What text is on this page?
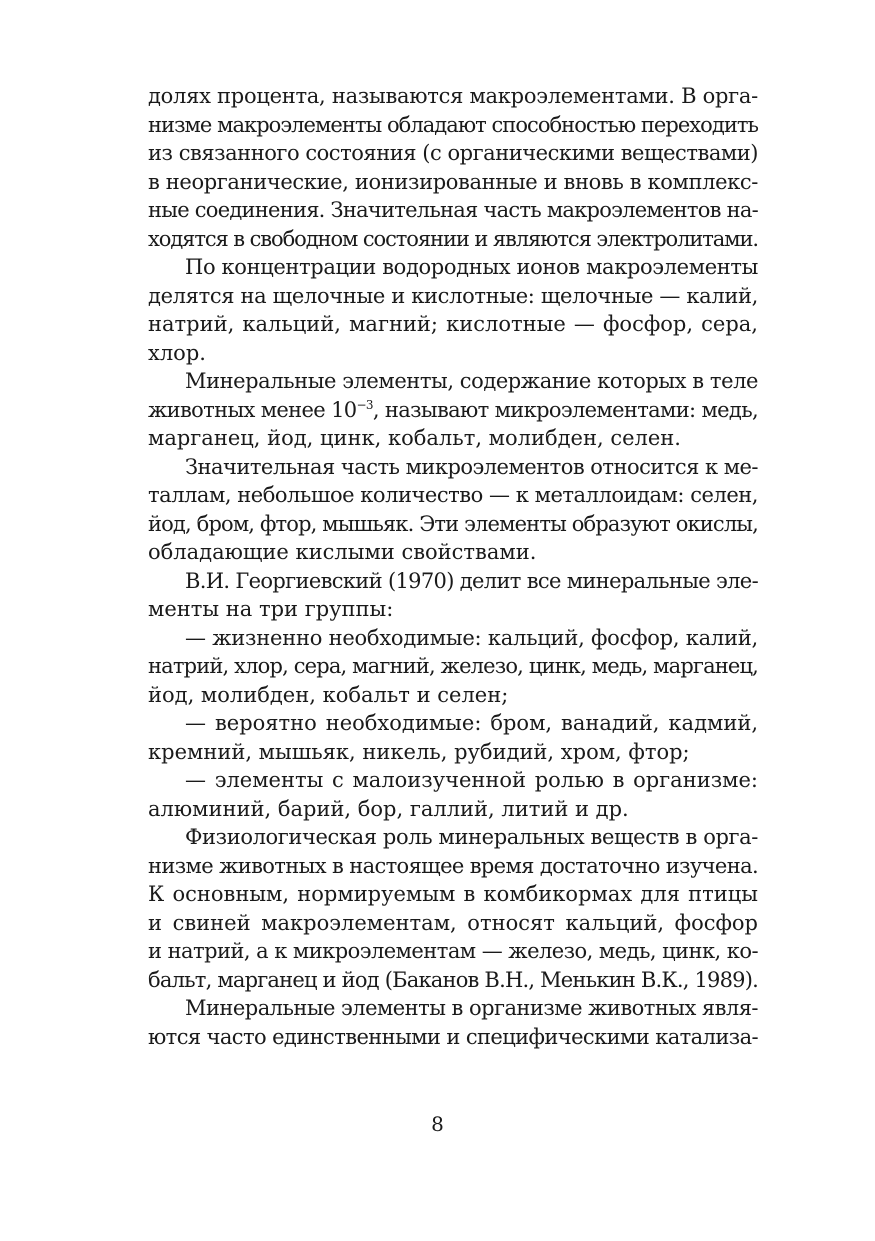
долях процента, называются макроэлементами. В орга-
низме макроэлементы обладают способностью переходить
из связанного состояния (с органическими веществами)
в неорганические, ионизированные и вновь в комплекс-
ные соединения. Значительная часть макроэлементов на-
ходятся в свободном состоянии и являются электролитами.
По концентрации водородных ионов макроэлементы
делятся на щелочные и кислотные: щелочные — калий,
натрий, кальций, магний; кислотные — фосфор, сера,
хлор.
Минеральные элементы, содержание которых в теле
животных менее $10^{-3}$, называют микроэлементами: медь,
марганец, йод, цинк, кобальт, молибден, селен.
Значительная часть микроэлементов относится к ме-
таллам, небольшое количество — к металлоидам: селен,
йод, бром, фтор, мышьяк. Эти элементы образуют окислы,
обладающие кислыми свойствами.
В.И. Георгиевский (1970) делит все минеральные эле-
менты на три группы:
— жизненно необходимые: кальций, фосфор, калий,
натрий, хлор, сера, магний, железо, цинк, медь, марганец,
йод, молибден, кобальт и селен;
— вероятно необходимые: бром, ванадий, кадмий,
кремний, мышьяк, никель, рубидий, хром, фтор;
— элементы с малоизученной ролью в организме:
алюминий, барий, бор, галлий, литий и др.
Физиологическая роль минеральных веществ в орга-
низме животных в настоящее время достаточно изучена.
К основным, нормируемым в комбикормах для птицы
и свиней макроэлементам, относят кальций, фосфор
и натрий, а к микроэлементам — железо, медь, цинк, ко-
бальт, марганец и йод (Баканов В.Н., Менькин В.К., 1989).
Минеральные элементы в организме животных явля-
ются часто единственными и специфическими катализа-
8
